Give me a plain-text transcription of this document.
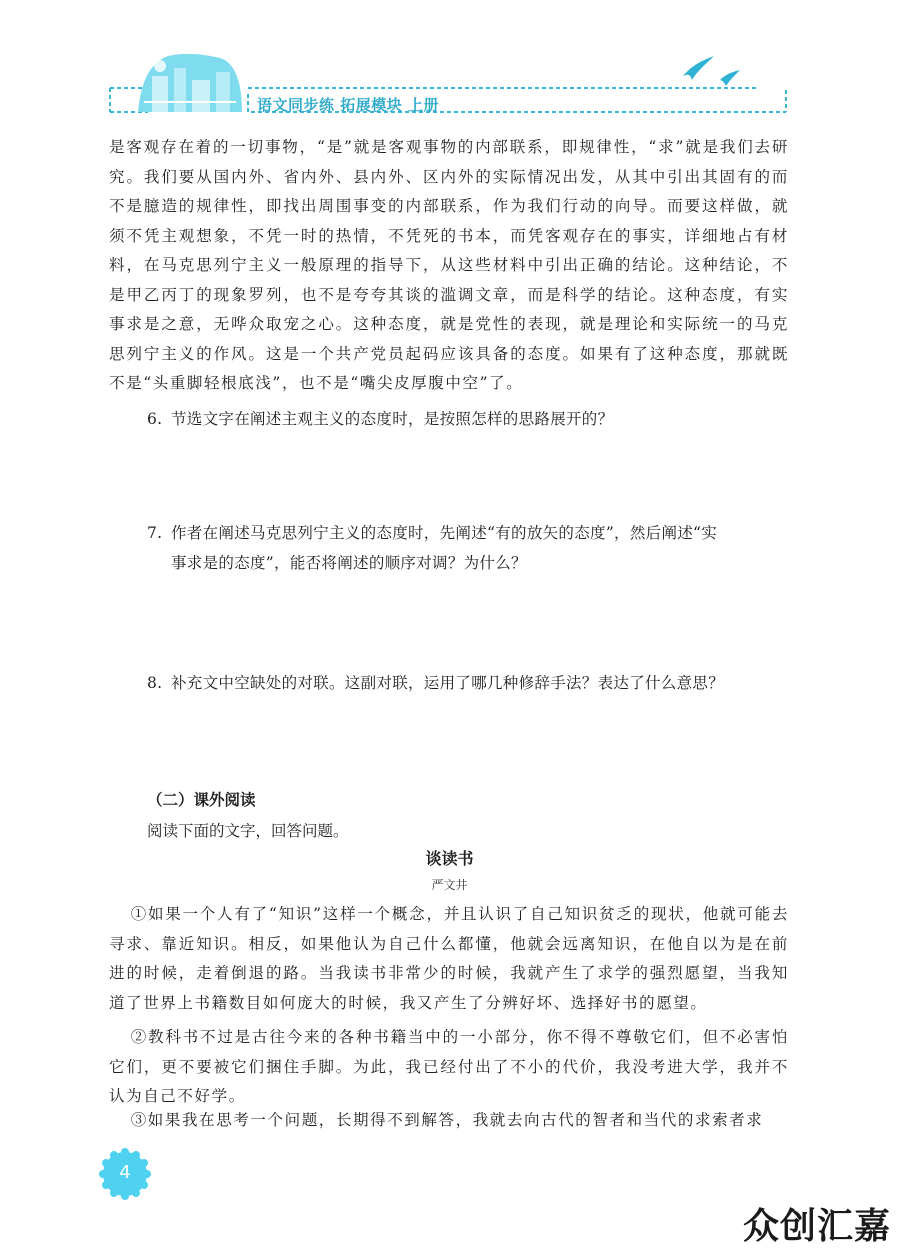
语文同步练 拓展模块 上册
是客观存在着的一切事物，“是”就是客观事物的内部联系，即规律性，“求”就是我们去研究。我们要从国内外、省内外、县内外、区内外的实际情况出发，从其中引出其固有的而不是臆造的规律性，即找出周围事变的内部联系，作为我们行动的向导。而要这样做，就须不凭主观想象，不凭一时的热情，不凭死的书本，而凭客观存在的事实，详细地占有材料，在马克思列宁主义一般原理的指导下，从这些材料中引出正确的结论。这种结论，不是甲乙丙丁的现象罗列，也不是夸夸其谈的滥调文章，而是科学的结论。这种态度，有实事求是之意，无哗众取宠之心。这种态度，就是党性的表现，就是理论和实际统一的马克思列宁主义的作风。这是一个共产党员起码应该具备的态度。如果有了这种态度，那就既不是“头重脚轻根底浅”，也不是“嘴尖皮厚腹中空”了。
6. 节选文字在阐述主观主义的态度时，是按照怎样的思路展开的？
7. 作者在阐述马克思列宁主义的态度时，先阐述“有的放矢的态度”，然后阐述“实
事求是的态度”，能否将阐述的顺序对调？为什么？
8. 补充文中空缺处的对联。这副对联，运用了哪几种修辞手法？表达了什么意思？
（二）课外阅读
阅读下面的文字，回答问题。
谈读书
严文井
①如果一个人有了“知识”这样一个概念，并且认识了自己知识贫乏的现状，他就可能去寻求、靠近知识。相反，如果他认为自己什么都懂，他就会远离知识，在他自以为是在前进的时候，走着倒退的路。当我读书非常少的时候，我就产生了求学的强烈愿望，当我知道了世界上书籍数目如何庞大的时候，我又产生了分辨好坏、选择好书的愿望。
②教科书不过是古往今来的各种书籍当中的一小部分，你不得不尊敬它们，但不必害怕它们，更不要被它们捆住手脚。为此，我已经付出了不小的代价，我没考进大学，我并不认为自己不好学。
③如果我在思考一个问题，长期得不到解答，我就去向古代的智者和当代的求索者求
4
众创汇嘉
